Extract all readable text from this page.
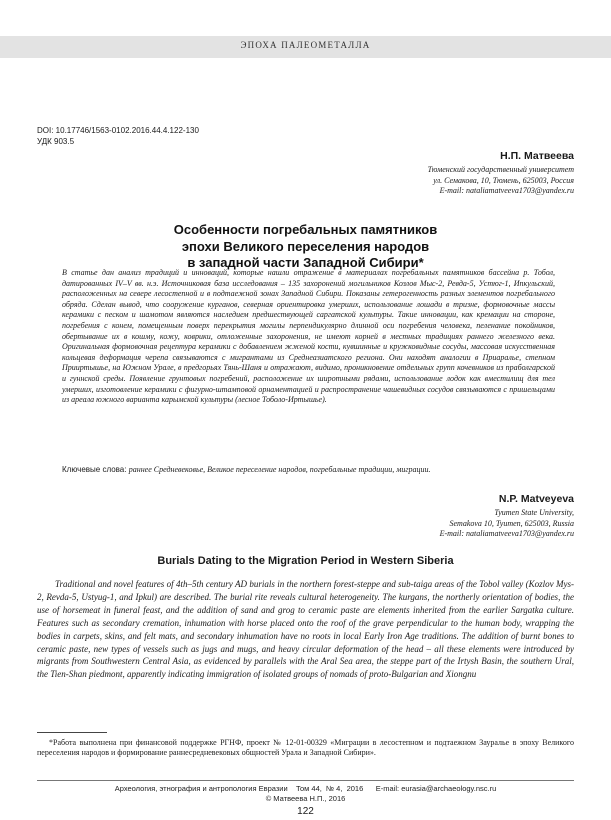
ЭПОХА ПАЛЕОМЕТАЛЛА
DOI: 10.17746/1563-0102.2016.44.4.122-130
УДК 903.5
Н.П. Матвеева
Тюменский государственный университет
ул. Семакова, 10, Тюмень, 625003, Россия
E-mail: nataliamatveeva1703@yandex.ru
Особенности погребальных памятников
эпохи Великого переселения народов
в западной части Западной Сибири*
В статье дан анализ традиций и инноваций, которые нашли отражение в материалах погребальных памятников бассейна р. Тобол, датированных IV–V вв. н.э. Источниковая база исследования – 135 захоронений могильников Козлов Мыс-2, Ревда-5, Устюг-1, Ипкульский, расположенных на севере лесостепной и в подтаежной зонах Западной Сибири. Показаны гетерогенность разных элементов погребального обряда. Сделан вывод, что сооружение курганов, северная ориентировка умерших, использование лошади в тризне, формовочные массы керамики с песком и шамотом являются наследием предшествующей саргатской культуры. Такие инновации, как кремации на стороне, погребения с конем, помещенным поверх перекрытия могилы перпендикулярно длинной оси погребения человека, пеленание покойников, обертывание их в кошму, кожу, коврики, отложенные захоронения, не имеют корней в местных традициях раннего железного века. Оригинальная формовочная рецептура керамики с добавлением жженой кости, кувшинные и кружковидные сосуды, массовая искусственная кольцевая деформация черепа связываются с мигрантами из Среднеазиатского региона. Они находят аналогии в Приаралье, степном Прииртышье, на Южном Урале, в предгорьях Тянь-Шаня и отражают, видимо, проникновение отдельных групп кочевников из праболгарской и гуннской среды. Появление грунтовых погребений, расположение их широтными рядами, использование лодок как вместилищ для тел умерших, изготовление керамики с фигурно-штамповой орнаментацией и распространение чашевидных сосудов связываются с пришельцами из ареала южного варианта карымской культуры (лесное Тоболо-Иртышье).
Ключевые слова: раннее Средневековье, Великое переселение народов, погребальные традиции, миграции.
N.P. Matveyeva
Tyumen State University,
Semakova 10, Tyumen, 625003, Russia
E-mail: nataliamatveeva1703@yandex.ru
Burials Dating to the Migration Period in Western Siberia
Traditional and novel features of 4th–5th century AD burials in the northern forest-steppe and sub-taiga areas of the Tobol valley (Kozlov Mys-2, Revda-5, Ustyug-1, and Ipkul) are described. The burial rite reveals cultural heterogeneity. The kurgans, the northerly orientation of bodies, the use of horsemeat in funeral feast, and the addition of sand and grog to ceramic paste are elements inherited from the earlier Sargatka culture. Features such as secondary cremation, inhumation with horse placed onto the roof of the grave perpendicular to the human body, wrapping the bodies in carpets, skins, and felt mats, and secondary inhumation have no roots in local Early Iron Age traditions. The addition of burnt bones to ceramic paste, new types of vessels such as jugs and mugs, and heavy circular deformation of the head – all these elements were introduced by migrants from Southwestern Central Asia, as evidenced by parallels with the Aral Sea area, the steppe part of the Irtysh Basin, the southern Ural, the Tien-Shan piedmont, apparently indicating immigration of isolated groups of nomads of proto-Bulgarian and Xiongnu
*Работа выполнена при финансовой поддержке РГНФ, проект № 12-01-00329 «Миграции в лесостепном и подтаежном Зауралье в эпоху Великого переселения народов и формирование раннесредневековых общностей Урала и Западной Сибири».
Археология, этнография и антропология Евразии Том 44, № 4, 2016 E-mail: eurasia@archaeology.nsc.ru
© Матвеева Н.П., 2016
122
